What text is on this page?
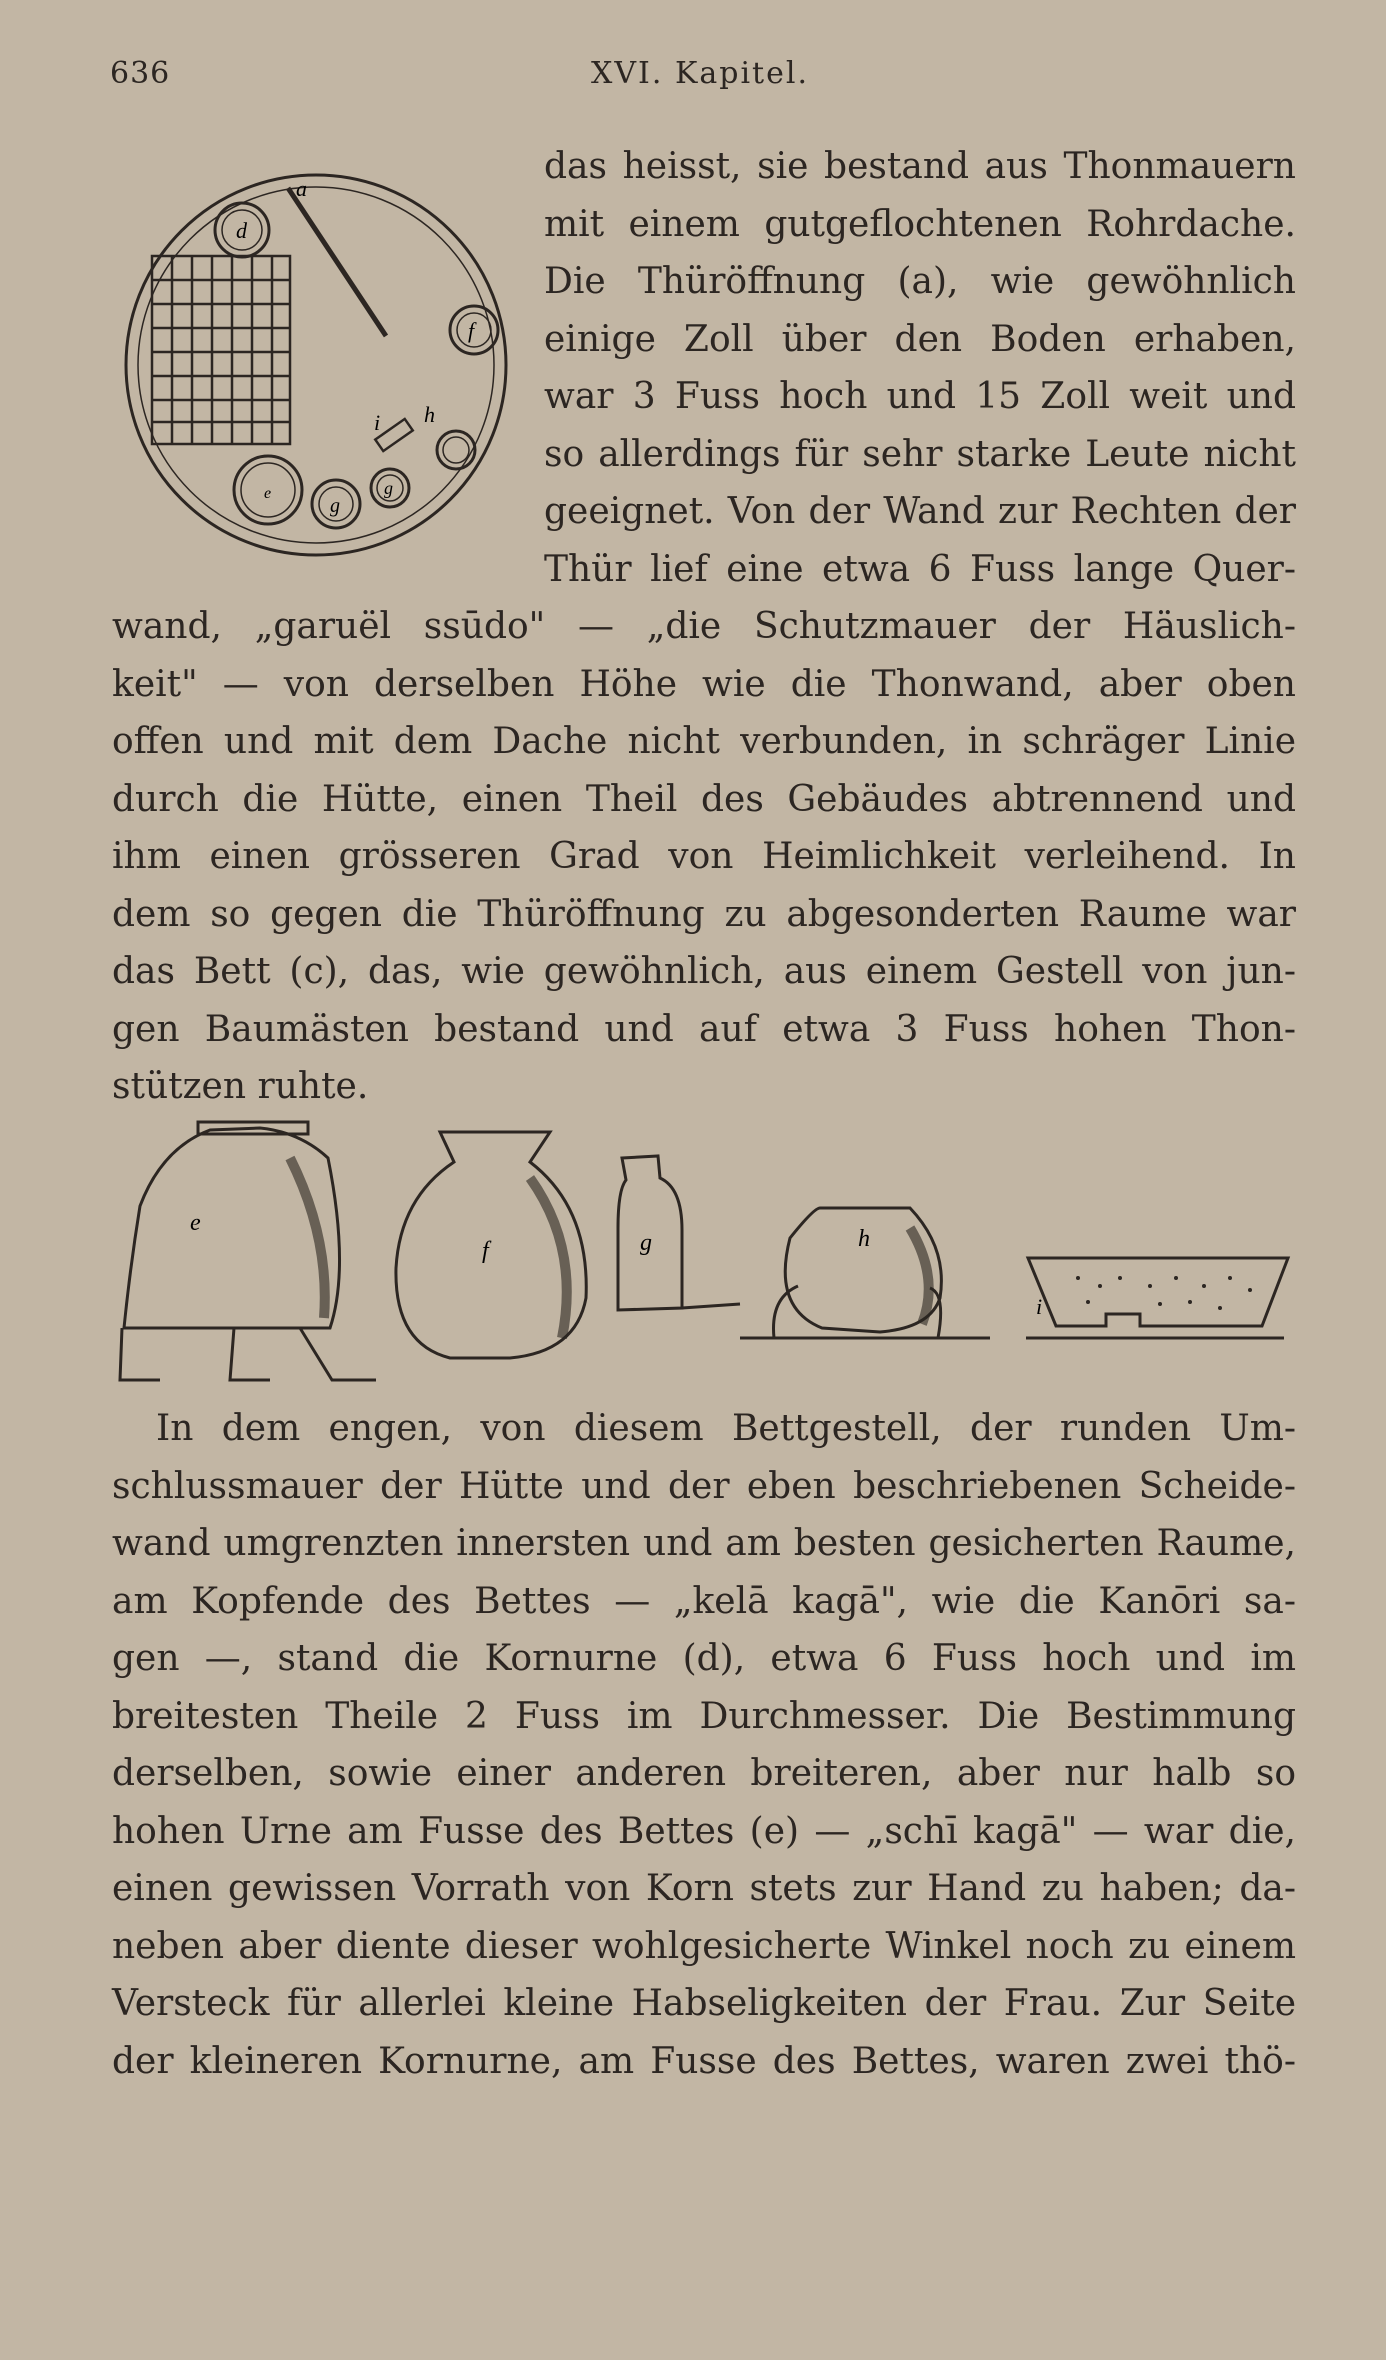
636	XVI. Kapitel.
a
d
f
i h
e
g
g
das heisst, sie bestand aus Thonmauern
mit einem gutgeflochtenen Rohrdache.
Die Thüröffnung (a), wie gewöhnlich
einige Zoll über den Boden erhaben,
war 3 Fuss hoch und 15 Zoll weit und
so allerdings für sehr starke Leute nicht
geeignet. Von der Wand zur Rechten der
Thür lief eine etwa 6 Fuss lange Quer-
wand, „garuël ssūdo" — „die Schutzmauer der Häuslich-
keit" — von derselben Höhe wie die Thonwand, aber oben
offen und mit dem Dache nicht verbunden, in schräger Linie
durch die Hütte, einen Theil des Gebäudes abtrennend und
ihm einen grösseren Grad von Heimlichkeit verleihend. In
dem so gegen die Thüröffnung zu abgesonderten Raume war
das Bett (c), das, wie gewöhnlich, aus einem Gestell von jun-
gen Baumästen bestand und auf etwa 3 Fuss hohen Thon-
stützen ruhte.
e
f	g	h
i
In dem engen, von diesem Bettgestell, der runden Um-
schlussmauer der Hütte und der eben beschriebenen Scheide-
wand umgrenzten innersten und am besten gesicherten Raume,
am Kopfende des Bettes — „kelā kagā", wie die Kanōri sa-
gen —, stand die Kornurne (d), etwa 6 Fuss hoch und im
breitesten Theile 2 Fuss im Durchmesser. Die Bestimmung
derselben, sowie einer anderen breiteren, aber nur halb so
hohen Urne am Fusse des Bettes (e) — „schī kagā" — war die,
einen gewissen Vorrath von Korn stets zur Hand zu haben; da-
neben aber diente dieser wohlgesicherte Winkel noch zu einem
Versteck für allerlei kleine Habseligkeiten der Frau. Zur Seite
der kleineren Kornurne, am Fusse des Bettes, waren zwei thö-
